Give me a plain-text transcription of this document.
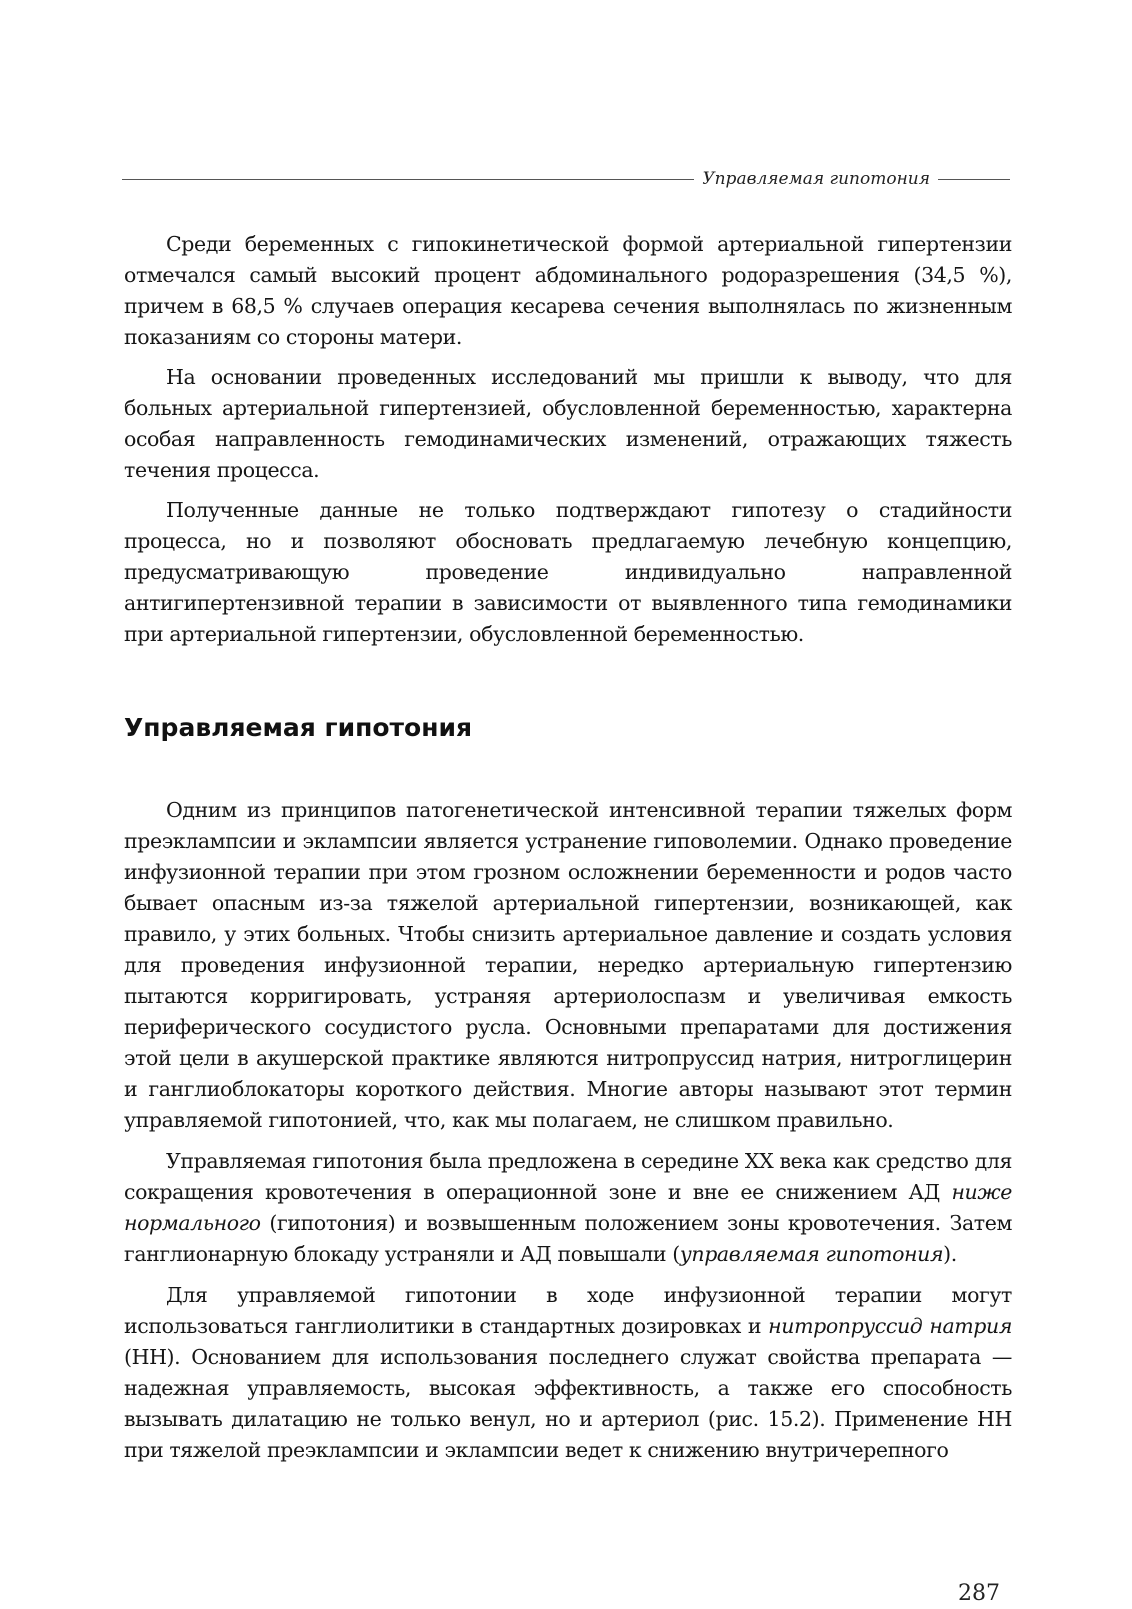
Управляемая гипотония

Среди беременных с гипокинетической формой артериальной гипертензии отмечался самый высокий процент абдоминального родоразрешения (34,5 %), причем в 68,5 % случаев операция кесарева сечения выполнялась по жизненным показаниям со стороны матери.

На основании проведенных исследований мы пришли к выводу, что для больных артериальной гипертензией, обусловленной беременностью, характерна особая направленность гемодинамических изменений, отражающих тяжесть течения процесса.

Полученные данные не только подтверждают гипотезу о стадийности процесса, но и позволяют обосновать предлагаемую лечебную концепцию, предусматривающую проведение индивидуально направленной антигипертензивной терапии в зависимости от выявленного типа гемодинамики при артериальной гипертензии, обусловленной беременностью.

Управляемая гипотония

Одним из принципов патогенетической интенсивной терапии тяжелых форм преэклампсии и эклампсии является устранение гиповолемии. Однако проведение инфузионной терапии при этом грозном осложнении беременности и родов часто бывает опасным из-за тяжелой артериальной гипертензии, возникающей, как правило, у этих больных. Чтобы снизить артериальное давление и создать условия для проведения инфузионной терапии, нередко артериальную гипертензию пытаются корригировать, устраняя артериолоспазм и увеличивая емкость периферического сосудистого русла. Основными препаратами для достижения этой цели в акушерской практике являются нитропруссид натрия, нитроглицерин и ганглиоблокаторы короткого действия. Многие авторы называют этот термин управляемой гипотонией, что, как мы полагаем, не слишком правильно.

Управляемая гипотония была предложена в середине XX века как средство для сокращения кровотечения в операционной зоне и вне ее снижением АД ниже нормального (гипотония) и возвышенным положением зоны кровотечения. Затем ганглионарную блокаду устраняли и АД повышали (управляемая гипотония).

Для управляемой гипотонии в ходе инфузионной терапии могут использоваться ганглиолитики в стандартных дозировках и нитропруссид натрия (НН). Основанием для использования последнего служат свойства препарата — надежная управляемость, высокая эффективность, а также его способность вызывать дилатацию не только венул, но и артериол (рис. 15.2). Применение НН при тяжелой преэклампсии и эклампсии ведет к снижению внутричерепного

287
